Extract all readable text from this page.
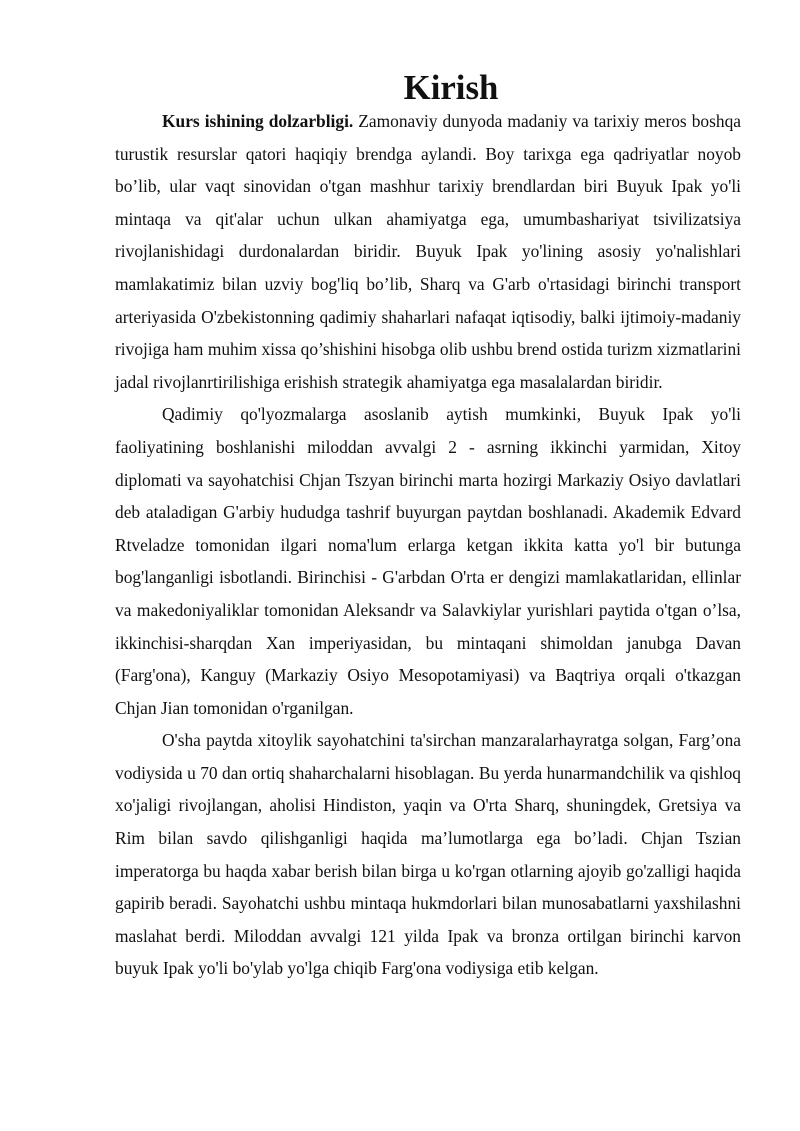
Kirish

Kurs ishining dolzarbligi. Zamonaviy dunyoda madaniy va tarixiy meros boshqa turustik resurslar qatori haqiqiy brendga aylandi. Boy tarixga ega qadriyatlar noyob bo’lib, ular vaqt sinovidan o'tgan mashhur tarixiy brendlardan biri Buyuk Ipak yo'li mintaqa va qit'alar uchun ulkan ahamiyatga ega, umumbashariyat tsivilizatsiya rivojlanishidagi durdonalardan biridir. Buyuk Ipak yo'lining asosiy yo'nalishlari mamlakatimiz bilan uzviy bog'liq bo’lib, Sharq va G'arb o'rtasidagi birinchi transport arteriyasida O'zbekistonning qadimiy shaharlari nafaqat iqtisodiy, balki ijtimoiy-madaniy rivojiga ham muhim xissa qo’shishini hisobga olib ushbu brend ostida turizm xizmatlarini jadal rivojlanrtirilishiga erishish strategik ahamiyatga ega masalalardan biridir.

Qadimiy qo'lyozmalarga asoslanib aytish mumkinki, Buyuk Ipak yo'li faoliyatining boshlanishi miloddan avvalgi 2 - asrning ikkinchi yarmidan, Xitoy diplomati va sayohatchisi Chjan Tszyan birinchi marta hozirgi Markaziy Osiyo davlatlari deb ataladigan G'arbiy hududga tashrif buyurgan paytdan boshlanadi. Akademik Edvard Rtveladze tomonidan ilgari noma'lum erlarga ketgan ikkita katta yo'l bir butunga bog'langanligi isbotlandi. Birinchisi - G'arbdan O'rta er dengizi mamlakatlaridan, ellinlar va makedoniyaliklar tomonidan Aleksandr va Salavkiylar yurishlari paytida o'tgan o’lsa, ikkinchisi-sharqdan Xan imperiyasidan, bu mintaqani shimoldan janubga Davan (Farg'ona), Kanguy (Markaziy Osiyo Mesopotamiyasi) va Baqtriya orqali o'tkazgan Chjan Jian tomonidan o'rganilgan.

O'sha paytda xitoylik sayohatchini ta'sirchan manzaralarhayratga solgan, Farg’ona vodiysida u 70 dan ortiq shaharchalarni hisoblagan. Bu yerda hunarmandchilik va qishloq xo'jaligi rivojlangan, aholisi Hindiston, yaqin va O'rta Sharq, shuningdek, Gretsiya va Rim bilan savdo qilishganligi haqida ma’lumotlarga ega bo’ladi. Chjan Tszian imperatorga bu haqda xabar berish bilan birga u ko'rgan otlarning ajoyib go'zalligi haqida gapirib beradi. Sayohatchi ushbu mintaqa hukmdorlari bilan munosabatlarni yaxshilashni maslahat berdi. Miloddan avvalgi 121 yilda Ipak va bronza ortilgan birinchi karvon buyuk Ipak yo'li bo'ylab yo'lga chiqib Farg'ona vodiysiga etib kelgan.
